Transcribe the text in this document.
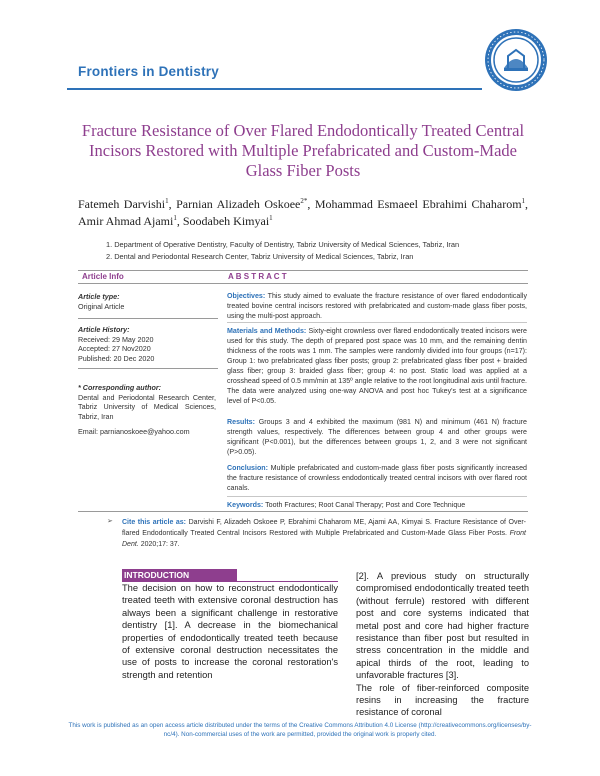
Frontiers in Dentistry
Fracture Resistance of Over Flared Endodontically Treated Central Incisors Restored with Multiple Prefabricated and Custom-Made Glass Fiber Posts
Fatemeh Darvishi$^1$, Parnian Alizadeh Oskoee$^{2*}$, Mohammad Esmaeel Ebrahimi Chaharom$^1$, Amir Ahmad Ajami$^1$, Soodabeh Kimyai$^1$
1. Department of Operative Dentistry, Faculty of Dentistry, Tabriz University of Medical Sciences, Tabriz, Iran
2. Dental and Periodontal Research Center, Tabriz University of Medical Sciences, Tabriz, Iran
Article Info	A B S T R A C T
Article type:
Original Article
Article History:
Received: 29 May 2020
Accepted: 27 Nov2020
Published: 20 Dec 2020
* Corresponding author:
Dental and Periodontal Research Center, Tabriz University of Medical Sciences, Tabriz, Iran
Email: parnianoskoee@yahoo.com
Objectives: This study aimed to evaluate the fracture resistance of over flared endodontically treated bovine central incisors restored with prefabricated and custom-made glass fiber posts, using the multi-post approach.
Materials and Methods: Sixty-eight crownless over flared endodontically treated incisors were used for this study. The depth of prepared post space was 10 mm, and the remaining dentin thickness of the roots was 1 mm. The samples were randomly divided into four groups (n=17): Group 1: two prefabricated glass fiber posts; group 2: prefabricated glass fiber post + braided glass fiber; group 3: braided glass fiber; group 4: no post. Static load was applied at a crosshead speed of 0.5 mm/min at 135º angle relative to the root longitudinal axis until fracture. The data were analyzed using one-way ANOVA and post hoc Tukey's test at a significance level of P<0.05.
Results: Groups 3 and 4 exhibited the maximum (981 N) and minimum (461 N) fracture strength values, respectively. The differences between group 4 and other groups were significant (P<0.001), but the differences between groups 1, 2, and 3 were not significant (P>0.05).
Conclusion: Multiple prefabricated and custom-made glass fiber posts significantly increased the fracture resistance of crownless endodontically treated central incisors with over flared root canals.
Keywords: Tooth Fractures; Root Canal Therapy; Post and Core Technique
➢ Cite this article as: Darvishi F, Alizadeh Oskoee P, Ebrahimi Chaharom ME, Ajami AA, Kimyai S. Fracture Resistance of Over-flared Endodontically Treated Central Incisors Restored with Multiple Prefabricated and Custom-Made Glass Fiber Posts. Front Dent. 2020;17: 37.
INTRODUCTION
The decision on how to reconstruct endodontically treated teeth with extensive coronal destruction has always been a significant challenge in restorative dentistry [1]. A decrease in the biomechanical properties of endodontically treated teeth because of extensive coronal destruction necessitates the use of posts to increase the coronal restoration's strength and retention
[2]. A previous study on structurally compromised endodontically treated teeth (without ferrule) restored with different post and core systems indicated that metal post and core had higher fracture resistance than fiber post but resulted in stress concentration in the middle and apical thirds of the root, leading to unfavorable fractures [3].
The role of fiber-reinforced composite resins in increasing the fracture resistance of coronal
This work is published as an open access article distributed under the terms of the Creative Commons Attribution 4.0 License (http://creativecommons.org/licenses/by-nc/4). Non-commercial uses of the work are permitted, provided the original work is properly cited.
